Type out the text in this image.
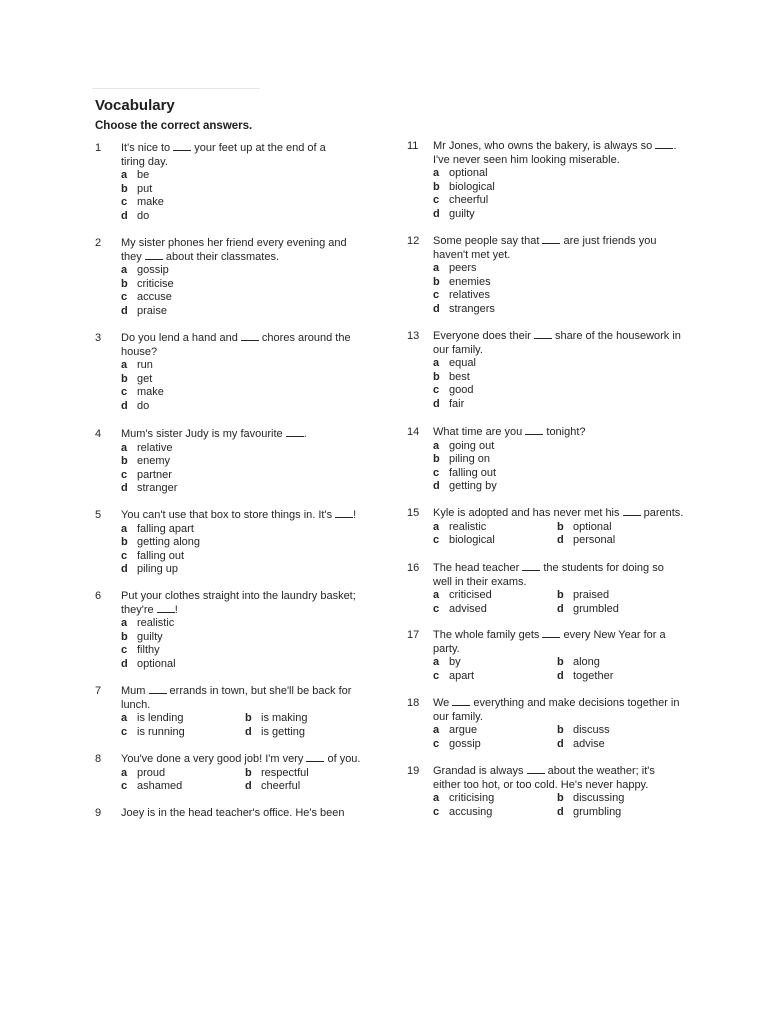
Vocabulary
Choose the correct answers.
1	It's nice to  your feet up at the end of a
tiring day.
a be
b put
c make
d do
2	My sister phones her friend every evening and
they  about their classmates.
a gossip
b criticise
c accuse
d praise
3	Do you lend a hand and  chores around the
house?
a run
b get
c make
d do
4	Mum's sister Judy is my favourite .
a relative
b enemy
c partner
d stranger
5	You can't use that box to store things in. It's !
a falling apart
b getting along
c falling out
d piling up
6	Put your clothes straight into the laundry basket;
they're !
a realistic
b guilty
c filthy
d optional
7	Mum  errands in town, but she'll be back for
lunch.
a is lending	b is making
c is running	d is getting
8	You've done a very good job! I'm very  of you.
a proud	b respectful
c ashamed	d cheerful
9	Joey is in the head teacher's office. He's been
11	Mr Jones, who owns the bakery, is always so .
I've never seen him looking miserable.
a optional
b biological
c cheerful
d guilty
12	Some people say that  are just friends you
haven't met yet.
a peers
b enemies
c relatives
d strangers
13	Everyone does their  share of the housework in
our family.
a equal
b best
c good
d fair
14	What time are you  tonight?
a going out
b piling on
c falling out
d getting by
15	Kyle is adopted and has never met his  parents.
a realistic	b optional
c biological	d personal
16	The head teacher  the students for doing so
well in their exams.
a criticised	b praised
c advised	d grumbled
17	The whole family gets  every New Year for a
party.
a by	b along
c apart	d together
18	We  everything and make decisions together in
our family.
a argue	b discuss
c gossip	d advise
19	Grandad is always  about the weather; it's
either too hot, or too cold. He's never happy.
a criticising	b discussing
c accusing	d grumbling
